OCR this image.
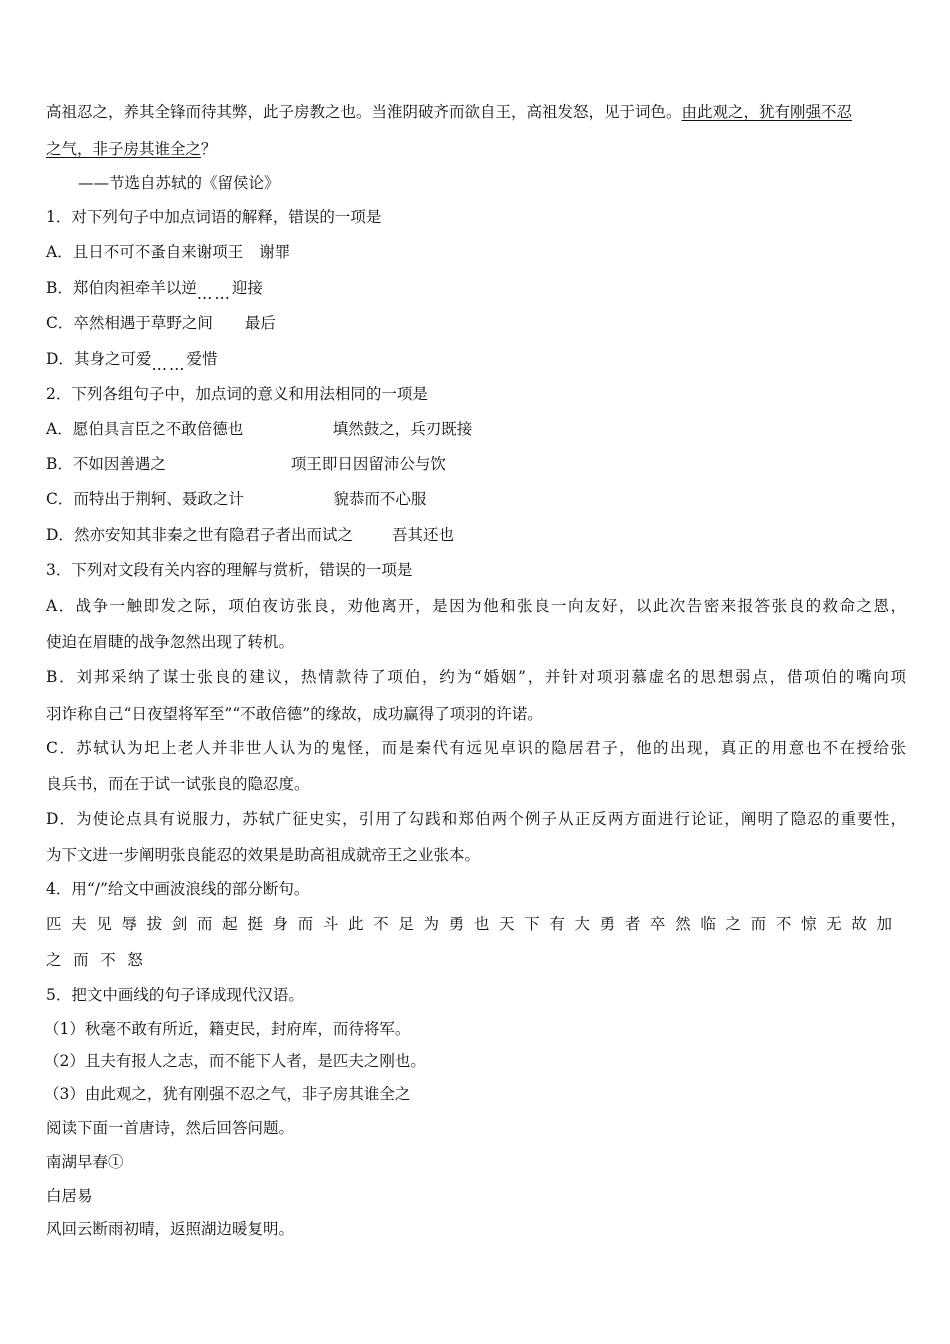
高祖忍之，养其全锋而待其弊，此子房教之也。当淮阴破齐而欲自王，高祖发怒，见于词色。由此观之，犹有刚强不忍
之气，非子房其谁全之？
——节选自苏轼的《留侯论》
1．对下列句子中加点词语的解释，错误的一项是
A．且日不可不蚤自来谢项王 谢罪
B．郑伯肉袒牵羊以逆……迎接
C．卒然相遇于草野之间 最后
D．其身之可爱……爱惜
2．下列各组句子中，加点词的意义和用法相同的一项是
A．愿伯具言臣之不敢倍德也	填然鼓之，兵刃既接
B．不如因善遇之	项王即日因留沛公与饮
C．而特出于荆轲、聂政之计	貌恭而不心服
D．然亦安知其非秦之世有隐君子者出而试之	吾其还也
3．下列对文段有关内容的理解与赏析，错误的一项是
A．战争一触即发之际，项伯夜访张良，劝他离开，是因为他和张良一向友好，以此次告密来报答张良的救命之恩，
使迫在眉睫的战争忽然出现了转机。
B．刘邦采纳了谋士张良的建议，热情款待了项伯，约为“婚姻”，并针对项羽慕虚名的思想弱点，借项伯的嘴向项
羽诈称自己“日夜望将军至”“不敢倍德”的缘故，成功赢得了项羽的许诺。
C．苏轼认为圯上老人并非世人认为的鬼怪，而是秦代有远见卓识的隐居君子，他的出现，真正的用意也不在授给张
良兵书，而在于试一试张良的隐忍度。
D．为使论点具有说服力，苏轼广征史实，引用了勾践和郑伯两个例子从正反两方面进行论证，阐明了隐忍的重要性，
为下文进一步阐明张良能忍的效果是助高祖成就帝王之业张本。
4．用“/”给文中画波浪线的部分断句。
匹夫见辱拔剑而起挺身而斗此不足为勇也天下有大勇者卒然临之而不惊无故加
之而不怒
5．把文中画线的句子译成现代汉语。
（1）秋毫不敢有所近，籍吏民，封府库，而待将军。
（2）且夫有报人之志，而不能下人者，是匹夫之刚也。
（3）由此观之，犹有刚强不忍之气，非子房其谁全之
阅读下面一首唐诗，然后回答问题。
南湖早春①
白居易
风回云断雨初晴，返照湖边暖复明。
